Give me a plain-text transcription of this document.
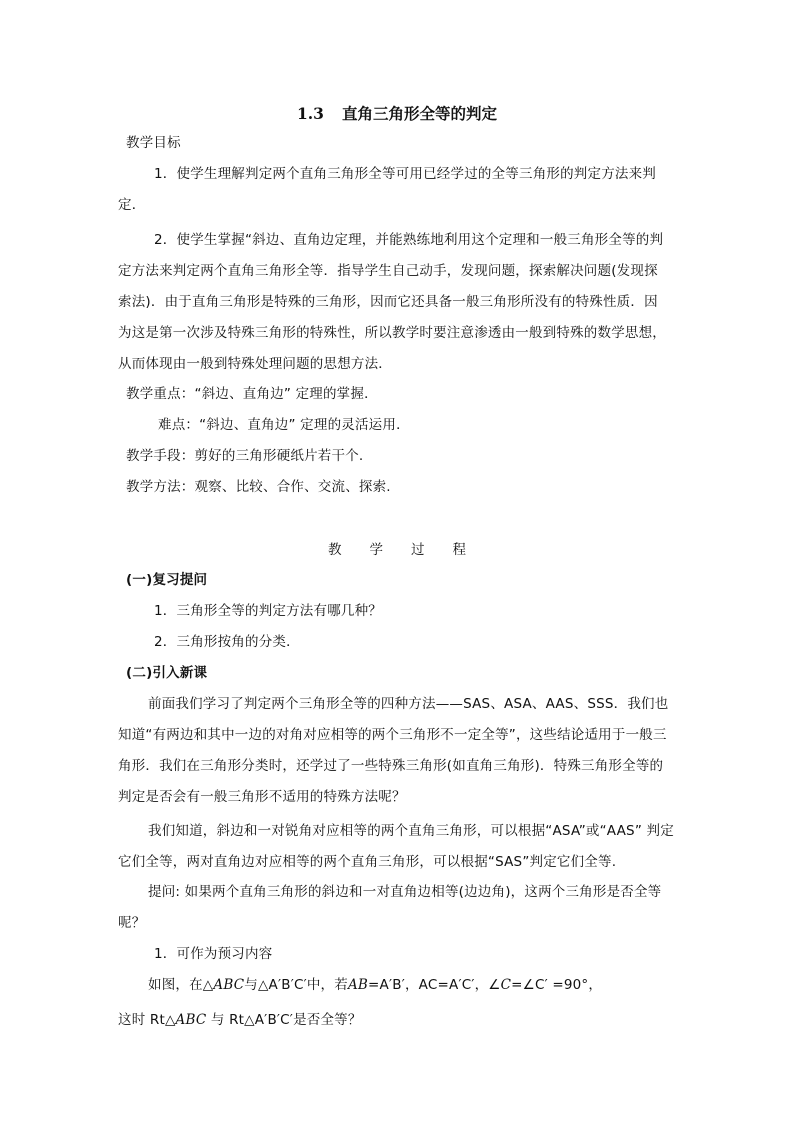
1.3 直角三角形全等的判定
教学目标
1．使学生理解判定两个直角三角形全等可用已经学过的全等三角形的判定方法来判
定．
2．使学生掌握“斜边、直角边定理，并能熟练地利用这个定理和一般三角形全等的判
定方法来判定两个直角三角形全等．指导学生自己动手，发现问题，探索解决问题(发现探
索法)．由于直角三角形是特殊的三角形，因而它还具备一般三角形所没有的特殊性质．因
为这是第一次涉及特殊三角形的特殊性，所以教学时要注意渗透由一般到特殊的数学思想，
从而体现由一般到特殊处理问题的思想方法．
教学重点：“斜边、直角边” 定理的掌握．
难点：“斜边、直角边” 定理的灵活运用．
教学手段：剪好的三角形硬纸片若干个.
教学方法：观察、比较、合作、交流、探索.
教学过程
(一)复习提问
1．三角形全等的判定方法有哪几种？
2．三角形按角的分类．
(二)引入新课
前面我们学习了判定两个三角形全等的四种方法——SAS、ASA、AAS、SSS．我们也
知道“有两边和其中一边的对角对应相等的两个三角形不一定全等”，这些结论适用于一般三
角形．我们在三角形分类时，还学过了一些特殊三角形(如直角三角形)．特殊三角形全等的
判定是否会有一般三角形不适用的特殊方法呢？
我们知道，斜边和一对锐角对应相等的两个直角三角形，可以根据“ASA”或“AAS” 判定
它们全等，两对直角边对应相等的两个直角三角形，可以根据“SAS”判定它们全等.
提问: 如果两个直角三角形的斜边和一对直角边相等(边边角)，这两个三角形是否全等
呢？
1．可作为预习内容
如图，在△ABC与△A′B′C′中，若AB=A′B′，AC=A′C′，∠C=∠C′ =90°，
这时 Rt△ABC 与 Rt△A′B′C′是否全等？
